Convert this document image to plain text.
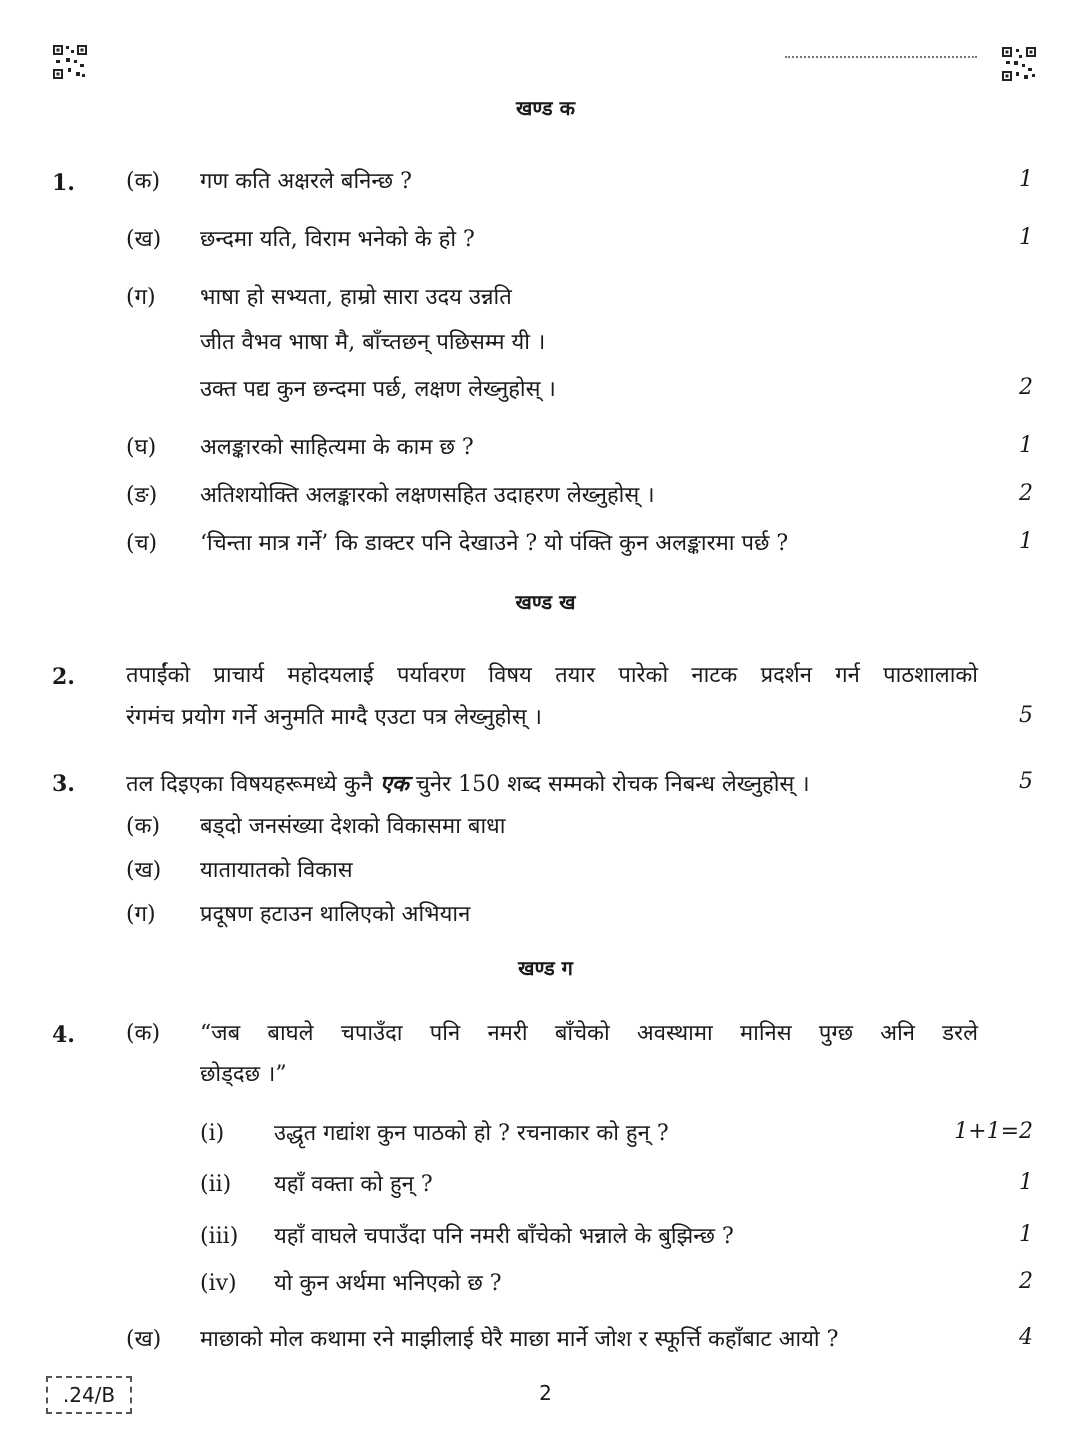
खण्ड क
1. (क) गण कति अक्षरले बनिन्छ ?	1
(ख) छन्दमा यति, विराम भनेको के हो ?	1
(ग) भाषा हो सभ्यता, हाम्रो सारा उदय उन्नति
जीत वैभव भाषा मै, बाँच्तछन् पछिसम्म यी ।
उक्त पद्य कुन छन्दमा पर्छ, लक्षण लेख्नुहोस् ।	2
(घ) अलङ्कारको साहित्यमा के काम छ ?	1
(ङ) अतिशयोक्ति अलङ्कारको लक्षणसहित उदाहरण लेख्नुहोस् ।	2
(च) ‘चिन्ता मात्र गर्ने’ कि डाक्टर पनि देखाउने ? यो पंक्ति कुन अलङ्कारमा पर्छ ?	1
खण्ड ख
2. तपाईंको प्राचार्य महोदयलाई पर्यावरण विषय तयार पारेको नाटक प्रदर्शन गर्न पाठशालाको
रंगमंच प्रयोग गर्ने अनुमति माग्दै एउटा पत्र लेख्नुहोस् ।	5
3. तल दिइएका विषयहरूमध्ये कुनै एक चुनेर 150 शब्द सम्मको रोचक निबन्ध लेख्नुहोस् ।	5
(क) बड्दो जनसंख्या देशको विकासमा बाधा
(ख) यातायातको विकास
(ग) प्रदूषण हटाउन थालिएको अभियान
खण्ड ग
4. (क) “जब बाघले चपाउँदा पनि नमरी बाँचेको अवस्थामा मानिस पुग्छ अनि डरले
छोड्दछ ।”
(i) उद्धृत गद्यांश कुन पाठको हो ? रचनाकार को हुन् ?	1+1=2
(ii) यहाँ वक्ता को हुन् ?	1
(iii) यहाँ वाघले चपाउँदा पनि नमरी बाँचेको भन्नाले के बुझिन्छ ?	1
(iv) यो कुन अर्थमा भनिएको छ ?	2
(ख) माछाको मोल कथामा रने माझीलाई घेरै माछा मार्ने जोश र स्फूर्त्ति कहाँबाट आयो ?	4
.24/B	2
